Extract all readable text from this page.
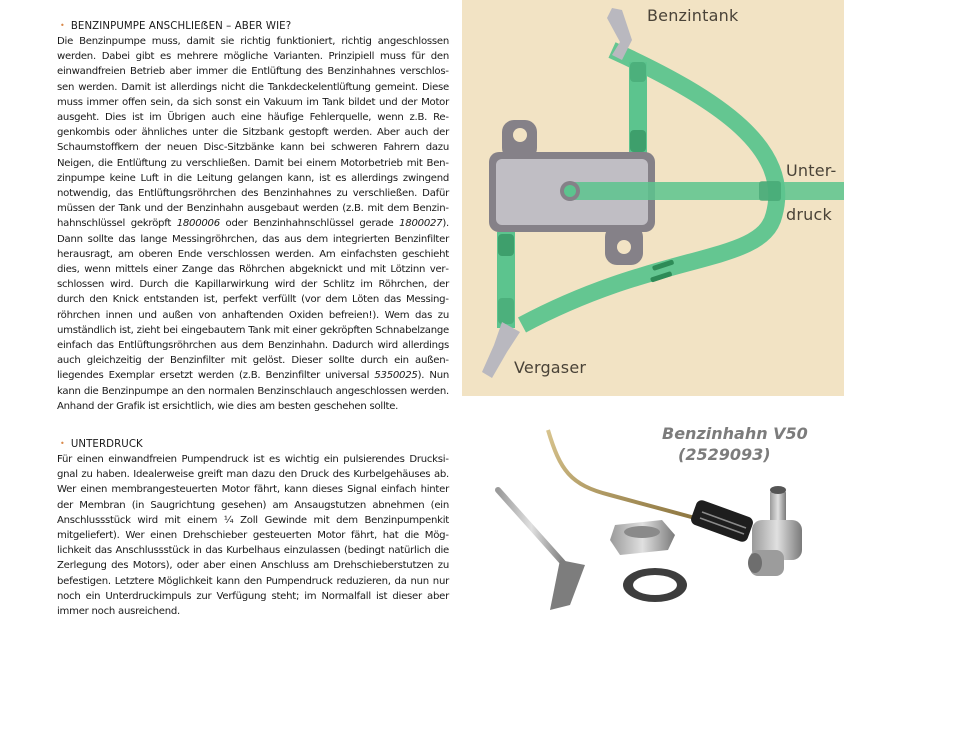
• BENZINPUMPE ANSCHLIEẞEN – ABER WIE?

Die Benzinpumpe muss, damit sie richtig funktioniert, richtig angeschlossen werden. Dabei gibt es mehrere mögliche Varianten. Prinzipiell muss für den einwandfreien Betrieb aber immer die Entlüftung des Benzinhahnes verschlossen werden. Damit ist allerdings nicht die Tankdeckelentlüftung gemeint. Diese muss immer offen sein, da sich sonst ein Vakuum im Tank bildet und der Motor ausgeht. Dies ist im Übrigen auch eine häufige Fehlerquelle, wenn z.B. Regenkombis oder ähnliches unter die Sitzbank gestopft werden. Aber auch der Schaumstoffkern der neuen Disc-Sitzbänke kann bei schweren Fahrern dazu Neigen, die Entlüftung zu verschließen. Damit bei einem Motorbetrieb mit Benzinpumpe keine Luft in die Leitung gelangen kann, ist es allerdings zwingend notwendig, das Entlüftungsröhrchen des Benzinhahnes zu verschließen. Dafür müssen der Tank und der Benzinhahn ausgebaut werden (z.B. mit dem Benzinhahnschlüssel gekröpft 1800006 oder Benzinhahnschlüssel gerade 1800027). Dann sollte das lange Messingröhrchen, das aus dem integrierten Benzinfilter herausragt, am oberen Ende verschlossen werden. Am einfachsten geschieht dies, wenn mittels einer Zange das Röhrchen abgeknickt und mit Lötzinn verschlossen wird. Durch die Kapillarwirkung wird der Schlitz im Röhrchen, der durch den Knick entstanden ist, perfekt verfüllt (vor dem Löten das Messingröhrchen innen und außen von anhaftenden Oxiden befreien!). Wem das zu umständlich ist, zieht bei eingebautem Tank mit einer gekröpften Schnabelzange einfach das Entlüftungsröhrchen aus dem Benzinhahn. Dadurch wird allerdings auch gleichzeitig der Benzinfilter mit gelöst. Dieser sollte durch ein außenliegendes Exemplar ersetzt werden (z.B. Benzinfilter universal 5350025). Nun kann die Benzinpumpe an den normalen Benzinschlauch angeschlossen werden. Anhand der Grafik ist ersichtlich, wie dies am besten geschehen sollte.

• UNTERDRUCK

Für einen einwandfreien Pumpendruck ist es wichtig ein pulsierendes Drucksignal zu haben. Idealerweise greift man dazu den Druck des Kurbelgehäuses ab. Wer einen membrangesteuerten Motor fährt, kann dieses Signal einfach hinter der Membran (in Saugrichtung gesehen) am Ansaugstutzen abnehmen (ein Anschlussstück wird mit einem ¼ Zoll Gewinde mit dem Benzinpumpenkit mitgeliefert). Wer einen Drehschieber gesteuerten Motor fährt, hat die Möglichkeit das Anschlussstück in das Kurbelhaus einzulassen (bedingt natürlich die Zerlegung des Motors), oder aber einen Anschluss am Drehschieberstutzen zu befestigen. Letztere Möglichkeit kann den Pumpendruck reduzieren, da nun nur noch ein Unterdruckimpuls zur Verfügung steht; im Normalfall ist dieser aber immer noch ausreichend.

Benzintank
Unter-
druck
Vergaser
Benzinhahn V50
(2529093)
